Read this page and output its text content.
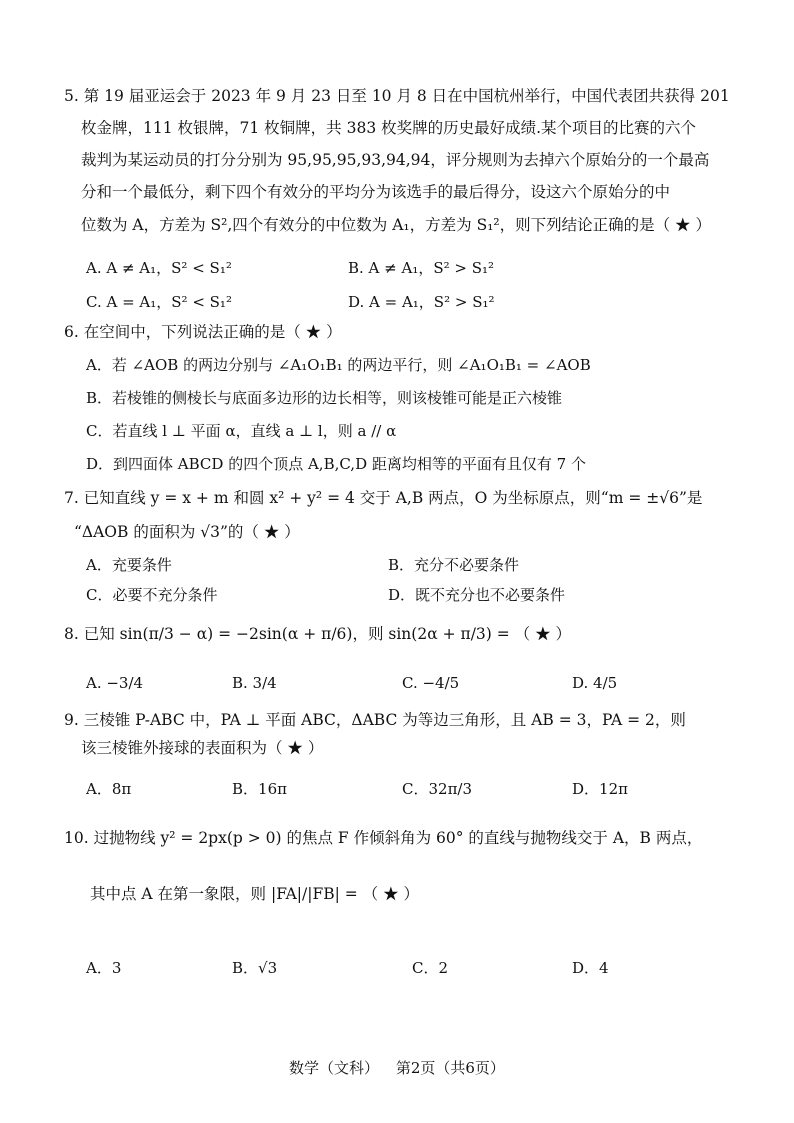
5. 第 19 届亚运会于 2023 年 9 月 23 日至 10 月 8 日在中国杭州举行，中国代表团共获得 201
枚金牌，111 枚银牌，71 枚铜牌，共 383 枚奖牌的历史最好成绩.某个项目的比赛的六个
裁判为某运动员的打分分别为 95,95,95,93,94,94，评分规则为去掉六个原始分的一个最高
分和一个最低分，剩下四个有效分的平均分为该选手的最后得分，设这六个原始分的中
位数为 A，方差为 S²,四个有效分的中位数为 A₁，方差为 S₁²，则下列结论正确的是（ ★ ）
A. A ≠ A₁，S² < S₁²	B. A ≠ A₁，S² > S₁²
C. A = A₁，S² < S₁²	D. A = A₁，S² > S₁²
6. 在空间中，下列说法正确的是（ ★ ）
A．若 ∠AOB 的两边分别与 ∠A₁O₁B₁ 的两边平行，则 ∠A₁O₁B₁ = ∠AOB
B．若棱锥的侧棱长与底面多边形的边长相等，则该棱锥可能是正六棱锥
C．若直线 l ⊥ 平面 α，直线 a ⊥ l，则 a // α
D．到四面体 ABCD 的四个顶点 A,B,C,D 距离均相等的平面有且仅有 7 个
7. 已知直线 y = x + m 和圆 x² + y² = 4 交于 A,B 两点，O 为坐标原点，则“m = ±√6”是
“ΔAOB 的面积为 √3”的（ ★ ）
A．充要条件	B．充分不必要条件
C．必要不充分条件	D．既不充分也不必要条件
8. 已知 sin(π/3 − α) = −2sin(α + π/6)，则 sin(2α + π/3) = （ ★ ）
A. −3/4	B. 3/4	C. −4/5	D. 4/5
9. 三棱锥 P-ABC 中，PA ⊥ 平面 ABC，ΔABC 为等边三角形，且 AB = 3，PA = 2，则
该三棱锥外接球的表面积为（ ★ ）
A．8π	B．16π	C．32π/3	D．12π
10. 过抛物线 y² = 2px(p > 0) 的焦点 F 作倾斜角为 60° 的直线与抛物线交于 A，B 两点，
其中点 A 在第一象限，则 |FA|/|FB| = （ ★ ）
A．3	B．√3	C．2	D．4
数学（文科） 第2页（共6页）
